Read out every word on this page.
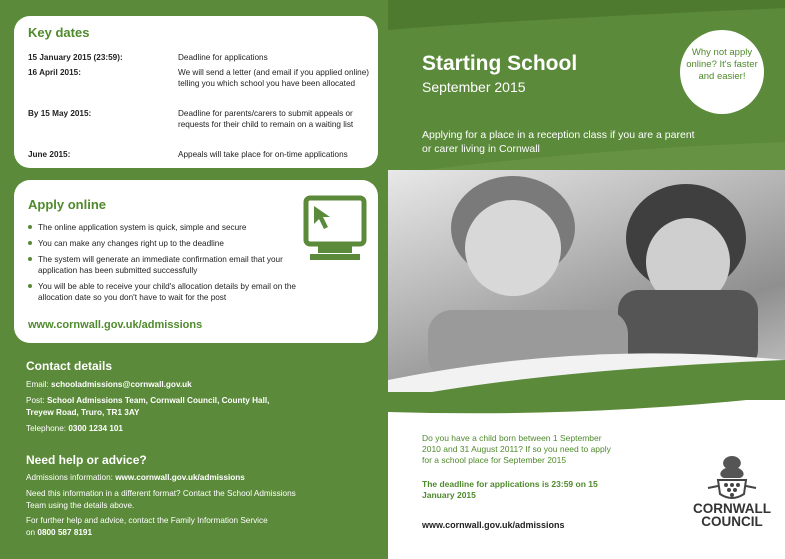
Key dates
15 January 2015 (23:59):	Deadline for applications
16 April 2015:	We will send a letter (and email if you applied online) telling you which school you have been allocated
By 15 May 2015:	Deadline for parents/carers to submit appeals or requests for their child to remain on a waiting list
June 2015:	Appeals will take place for on-time applications
Apply online
The online application system is quick, simple and secure
You can make any changes right up to the deadline
The system will generate an immediate confirmation email that your application has been submitted successfully
You will be able to receive your child's allocation details by email on the allocation date so you don't have to wait for the post
www.cornwall.gov.uk/admissions
Contact details
Email: schooladmissions@cornwall.gov.uk
Post: School Admissions Team, Cornwall Council, County Hall,
Treyew Road, Truro, TR1 3AY
Telephone: 0300 1234 101
Need help or advice?
Admissions information: www.cornwall.gov.uk/admissions
Need this information in a different format? Contact the School Admissions
Team using the details above.
For further help and advice, contact the Family Information Service
on 0800 587 8191
Starting School
September 2015
Why not apply online? It's faster and easier!
Applying for a place in a reception class if you are a parent or carer living in Cornwall
Do you have a child born between 1 September 2010 and 31 August 2011? If so you need to apply for a school place for September 2015
The deadline for applications is 23:59 on 15 January 2015
www.cornwall.gov.uk/admissions
CORNWALL
COUNCIL
